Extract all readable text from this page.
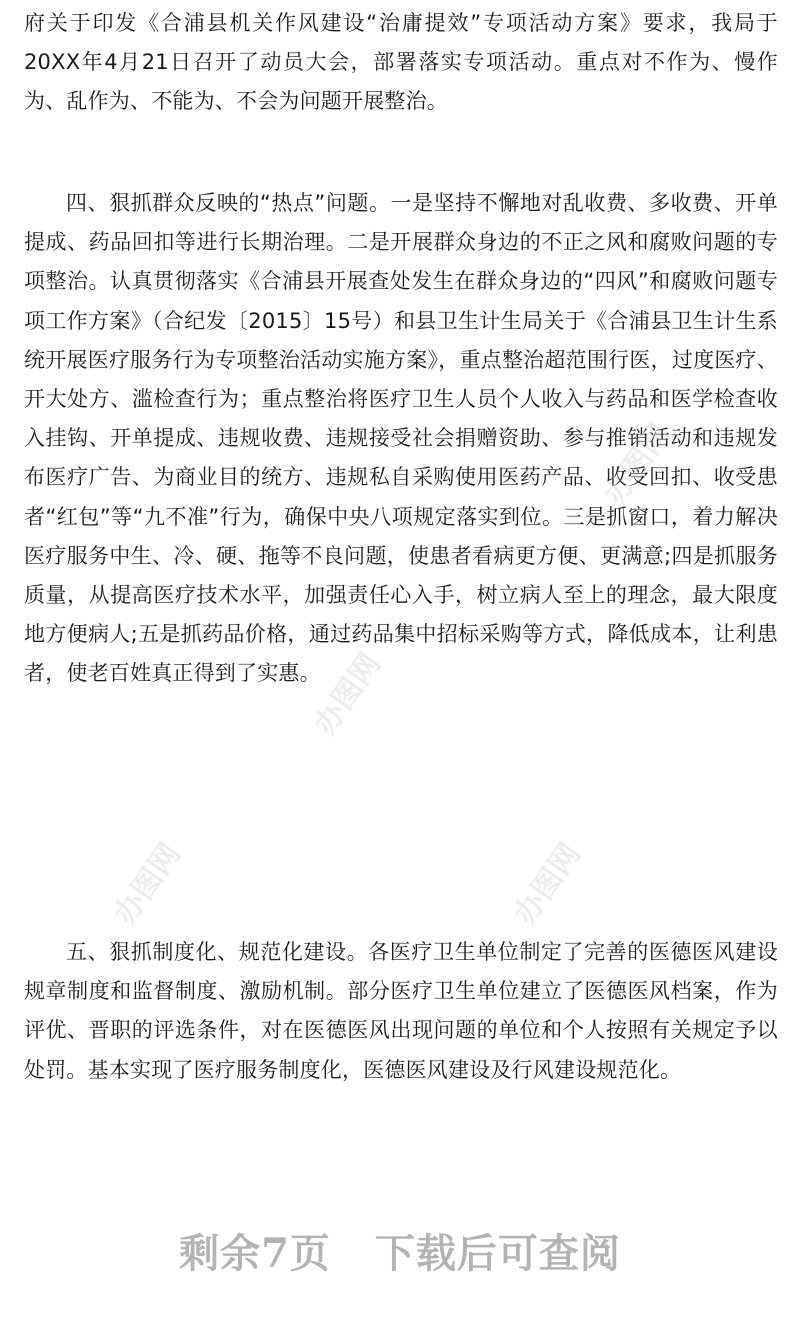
府关于印发《合浦县机关作风建设“治庸提效”专项活动方案》要求，我局于20XX年4月21日召开了动员大会，部署落实专项活动。重点对不作为、慢作为、乱作为、不能为、不会为问题开展整治。

四、狠抓群众反映的“热点”问题。一是坚持不懈地对乱收费、多收费、开单提成、药品回扣等进行长期治理。二是开展群众身边的不正之风和腐败问题的专项整治。认真贯彻落实《合浦县开展查处发生在群众身边的“四风”和腐败问题专项工作方案》（合纪发〔2015〕15号）和县卫生计生局关于《合浦县卫生计生系统开展医疗服务行为专项整治活动实施方案》，重点整治超范围行医，过度医疗、开大处方、滥检查行为；重点整治将医疗卫生人员个人收入与药品和医学检查收入挂钩、开单提成、违规收费、违规接受社会捐赠资助、参与推销活动和违规发布医疗广告、为商业目的统方、违规私自采购使用医药产品、收受回扣、收受患者“红包”等“九不准”行为，确保中央八项规定落实到位。三是抓窗口，着力解决医疗服务中生、冷、硬、拖等不良问题，使患者看病更方便、更满意;四是抓服务质量，从提高医疗技术水平，加强责任心入手，树立病人至上的理念，最大限度地方便病人;五是抓药品价格，通过药品集中招标采购等方式，降低成本，让利患者，使老百姓真正得到了实惠。

五、狠抓制度化、规范化建设。各医疗卫生单位制定了完善的医德医风建设规章制度和监督制度、激励机制。部分医疗卫生单位建立了医德医风档案，作为评优、晋职的评选条件，对在医德医风出现问题的单位和个人按照有关规定予以处罚。基本实现了医疗服务制度化，医德医风建设及行风建设规范化。

办图网
办图网
办图网	办图网
剩余7页 下载后可查阅
